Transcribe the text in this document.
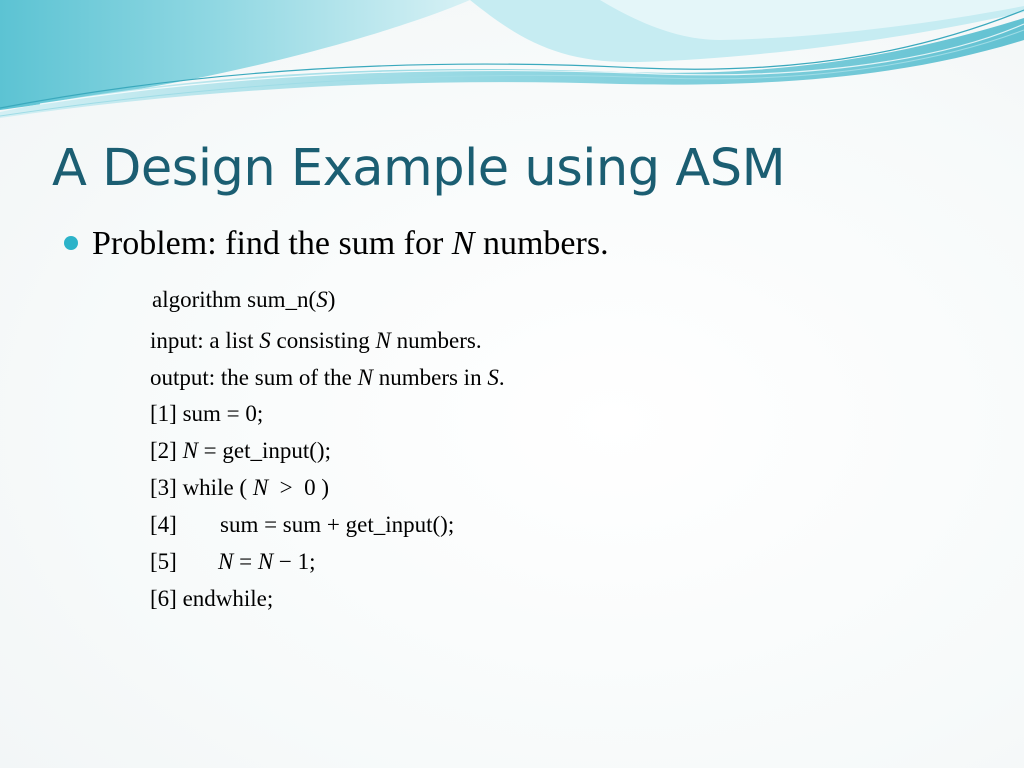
A Design Example using ASM

Problem: find the sum for N numbers.

algorithm sum_n(S)

input: a list S consisting N numbers.

output: the sum of the N numbers in S.

[1] sum = 0;

[2] N = get_input();

[3] while ( N  >  0 )

[4] sum = sum + get_input();

[5] N = N − 1;

[6] endwhile;
